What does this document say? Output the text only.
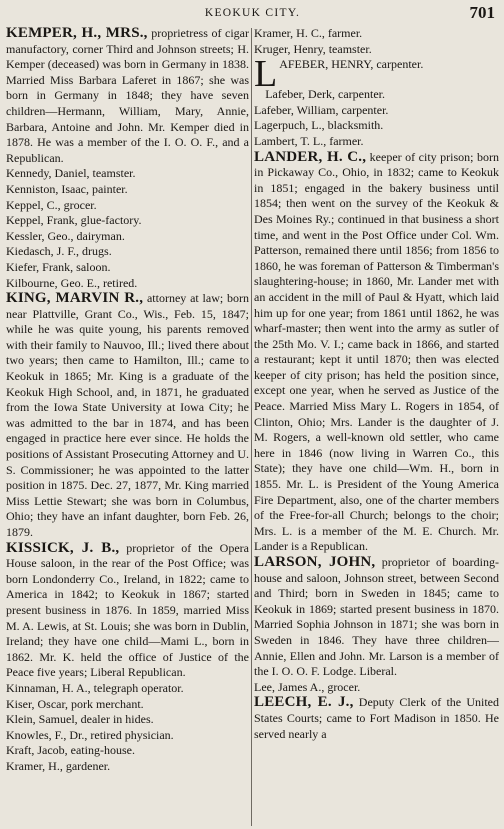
KEOKUK CITY.	701

KEMPER, H., MRS., proprietress of cigar manufactory, corner Third and Johnson streets; H. Kemper (deceased) was born in Germany in 1838. Married Miss Barbara Laferet in 1867; she was born in Germany in 1848; they have seven children—Hermann, William, Mary, Annie, Barbara, Antoine and John. Mr. Kemper died in 1878. He was a member of the I. O. O. F., and a Republican.

Kennedy, Daniel, teamster.

Kenniston, Isaac, painter.

Keppel, C., grocer.

Keppel, Frank, glue-factory.

Kessler, Geo., dairyman.

Kiedasch, J. F., drugs.

Kiefer, Frank, saloon.

Kilbourne, Geo. E., retired.

KING, MARVIN R., attorney at law; born near Plattville, Grant Co., Wis., Feb. 15, 1847; while he was quite young, his parents removed with their family to Nauvoo, Ill.; lived there about two years; then came to Hamilton, Ill.; came to Keokuk in 1865; Mr. King is a graduate of the Keokuk High School, and, in 1871, he graduated from the Iowa State University at Iowa City; he was admitted to the bar in 1874, and has been engaged in practice here ever since. He holds the positions of Assistant Prosecuting Attorney and U. S. Commissioner; he was appointed to the latter position in 1875. Dec. 27, 1877, Mr. King married Miss Lettie Stewart; she was born in Columbus, Ohio; they have an infant daughter, born Feb. 26, 1879.

KISSICK, J. B., proprietor of the Opera House saloon, in the rear of the Post Office; was born Londonderry Co., Ireland, in 1822; came to America in 1842; to Keokuk in 1867; started present business in 1876. In 1859, married Miss M. A. Lewis, at St. Louis; she was born in Dublin, Ireland; they have one child—Mami L., born in 1862. Mr. K. held the office of Justice of the Peace five years; Liberal Republican.

Kinnaman, H. A., telegraph operator.

Kiser, Oscar, pork merchant.

Klein, Samuel, dealer in hides.

Knowles, F., Dr., retired physician.

Kraft, Jacob, eating-house.

Kramer, H., gardener.

Kramer, H. C., farmer.

Kruger, Henry, teamster.

LAFEBER, HENRY, carpenter.

Lafeber, Derk, carpenter.

Lafeber, William, carpenter.

Lagerpuch, L., blacksmith.

Lambert, T. L., farmer.

LANDER, H. C., keeper of city prison; born in Pickaway Co., Ohio, in 1832; came to Keokuk in 1851; engaged in the bakery business until 1854; then went on the survey of the Keokuk & Des Moines Ry.; continued in that business a short time, and went in the Post Office under Col. Wm. Patterson, remained there until 1856; from 1856 to 1860, he was foreman of Patterson & Timberman's slaughtering-house; in 1860, Mr. Lander met with an accident in the mill of Paul & Hyatt, which laid him up for one year; from 1861 until 1862, he was wharf-master; then went into the army as sutler of the 25th Mo. V. I.; came back in 1866, and started a restaurant; kept it until 1870; then was elected keeper of city prison; has held the position since, except one year, when he served as Justice of the Peace. Married Miss Mary L. Rogers in 1854, of Clinton, Ohio; Mrs. Lander is the daughter of J. M. Rogers, a well-known old settler, who came here in 1846 (now living in Warren Co., this State); they have one child—Wm. H., born in 1855. Mr. L. is President of the Young America Fire Department, also, one of the charter members of the Free-for-all Church; belongs to the choir; Mrs. L. is a member of the M. E. Church. Mr. Lander is a Republican.

LARSON, JOHN, proprietor of boarding-house and saloon, Johnson street, between Second and Third; born in Sweden in 1845; came to Keokuk in 1869; started present business in 1870. Married Sophia Johnson in 1871; she was born in Sweden in 1846. They have three children—Annie, Ellen and John. Mr. Larson is a member of the I. O. O. F. Lodge. Liberal.

Lee, James A., grocer.

LEECH, E. J., Deputy Clerk of the United States Courts; came to Fort Madison in 1850. He served nearly a
